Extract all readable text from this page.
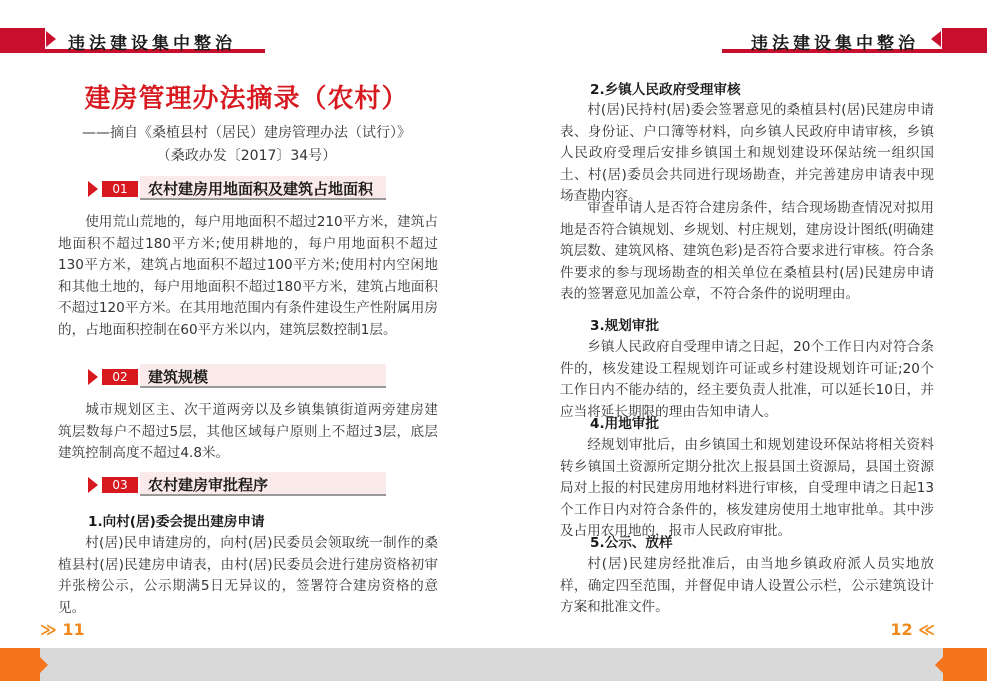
违法建设集中整治
建房管理办法摘录（农村）
——摘自《桑植县村（居民）建房管理办法（试行）》
（桑政办发〔2017〕34号）
01	农村建房用地面积及建筑占地面积

使用荒山荒地的，每户用地面积不超过210平方米，建筑占地面积不超过180平方米;使用耕地的，每户用地面积不超过130平方米，建筑占地面积不超过100平方米;使用村内空闲地和其他土地的，每户用地面积不超过180平方米，建筑占地面积不超过120平方米。在其用地范围内有条件建设生产性附属用房的，占地面积控制在60平方米以内，建筑层数控制1层。

02	建筑规模

城市规划区主、次干道两旁以及乡镇集镇街道两旁建房建筑层数每户不超过5层，其他区域每户原则上不超过3层，底层建筑控制高度不超过4.8米。

03	农村建房审批程序

1.向村(居)委会提出建房申请

村(居)民申请建房的，向村(居)民委员会领取统一制作的桑植县村(居)民建房申请表，由村(居)民委员会进行建房资格初审并张榜公示，公示期满5日无异议的，签署符合建房资格的意见。

≫ 11
违法建设集中整治

2.乡镇人民政府受理审核

村(居)民持村(居)委会签署意见的桑植县村(居)民建房申请表、身份证、户口簿等材料，向乡镇人民政府申请审核，乡镇人民政府受理后安排乡镇国土和规划建设环保站统一组织国土、村(居)委员会共同进行现场勘查，并完善建房申请表中现场查勘内容。

审查申请人是否符合建房条件，结合现场勘查情况对拟用地是否符合镇规划、乡规划、村庄规划，建房设计图纸(明确建筑层数、建筑风格、建筑色彩)是否符合要求进行审核。符合条件要求的参与现场勘查的相关单位在桑植县村(居)民建房申请表的签署意见加盖公章，不符合条件的说明理由。

3.规划审批

乡镇人民政府自受理申请之日起，20个工作日内对符合条件的，核发建设工程规划许可证或乡村建设规划许可证;20个工作日内不能办结的，经主要负责人批准，可以延长10日，并应当将延长期限的理由告知申请人。

4.用地审批

经规划审批后，由乡镇国土和规划建设环保站将相关资料转乡镇国土资源所定期分批次上报县国土资源局，县国土资源局对上报的村民建房用地材料进行审核，自受理申请之日起13个工作日内对符合条件的，核发建房使用土地审批单。其中涉及占用农用地的，报市人民政府审批。

5.公示、放样

村(居)民建房经批准后，由当地乡镇政府派人员实地放样，确定四至范围，并督促申请人设置公示栏，公示建筑设计方案和批准文件。

12 ≪
